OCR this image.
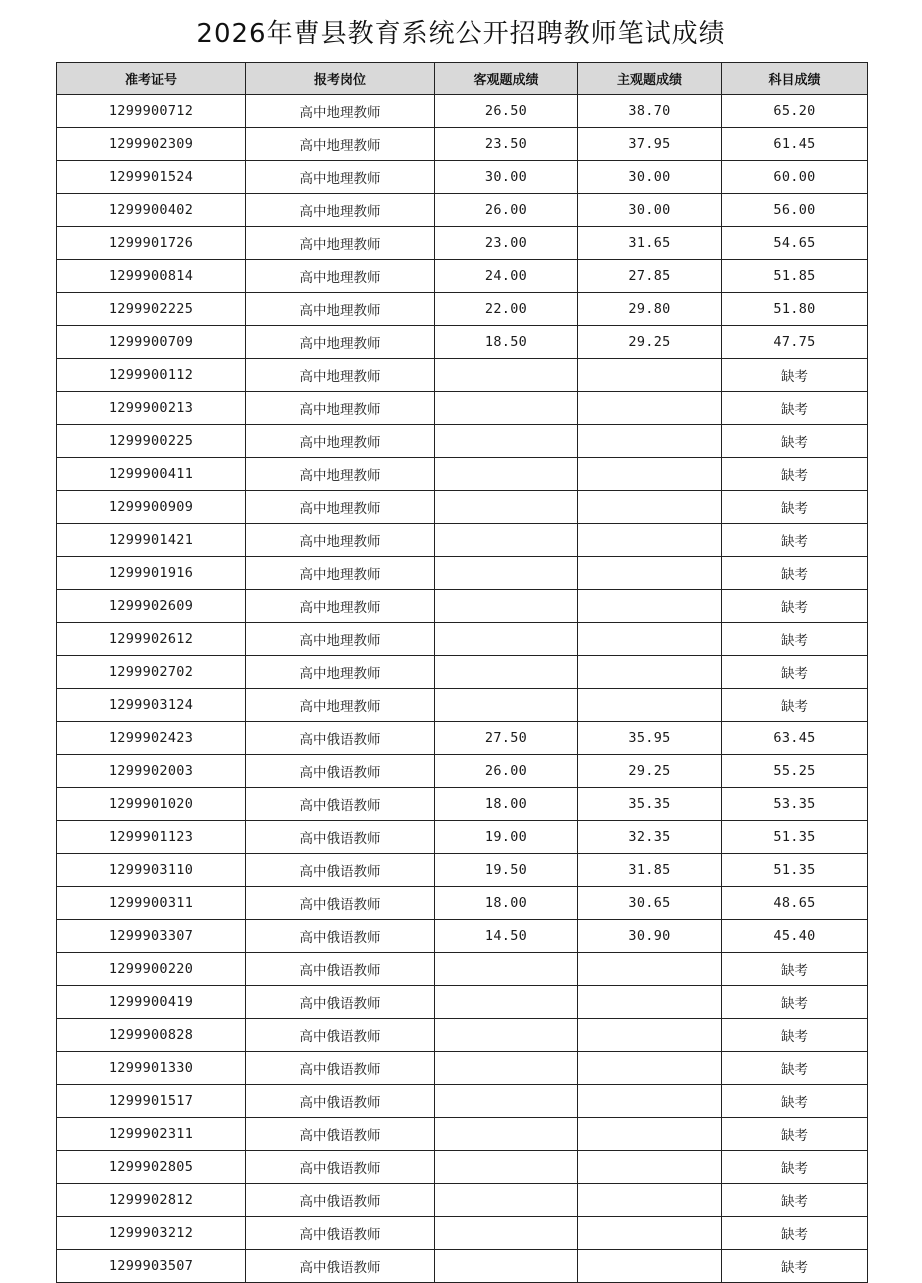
2026年曹县教育系统公开招聘教师笔试成绩
准考证号	报考岗位	客观题成绩	主观题成绩	科目成绩
1299900712	高中地理教师	26.50	38.70	65.20
1299902309	高中地理教师	23.50	37.95	61.45
1299901524	高中地理教师	30.00	30.00	60.00
1299900402	高中地理教师	26.00	30.00	56.00
1299901726	高中地理教师	23.00	31.65	54.65
1299900814	高中地理教师	24.00	27.85	51.85
1299902225	高中地理教师	22.00	29.80	51.80
1299900709	高中地理教师	18.50	29.25	47.75
1299900112	高中地理教师			缺考
1299900213	高中地理教师			缺考
1299900225	高中地理教师			缺考
1299900411	高中地理教师			缺考
1299900909	高中地理教师			缺考
1299901421	高中地理教师			缺考
1299901916	高中地理教师			缺考
1299902609	高中地理教师			缺考
1299902612	高中地理教师			缺考
1299902702	高中地理教师			缺考
1299903124	高中地理教师			缺考
1299902423	高中俄语教师	27.50	35.95	63.45
1299902003	高中俄语教师	26.00	29.25	55.25
1299901020	高中俄语教师	18.00	35.35	53.35
1299901123	高中俄语教师	19.00	32.35	51.35
1299903110	高中俄语教师	19.50	31.85	51.35
1299900311	高中俄语教师	18.00	30.65	48.65
1299903307	高中俄语教师	14.50	30.90	45.40
1299900220	高中俄语教师			缺考
1299900419	高中俄语教师			缺考
1299900828	高中俄语教师			缺考
1299901330	高中俄语教师			缺考
1299901517	高中俄语教师			缺考
1299902311	高中俄语教师			缺考
1299902805	高中俄语教师			缺考
1299902812	高中俄语教师			缺考
1299903212	高中俄语教师			缺考
1299903507	高中俄语教师			缺考
